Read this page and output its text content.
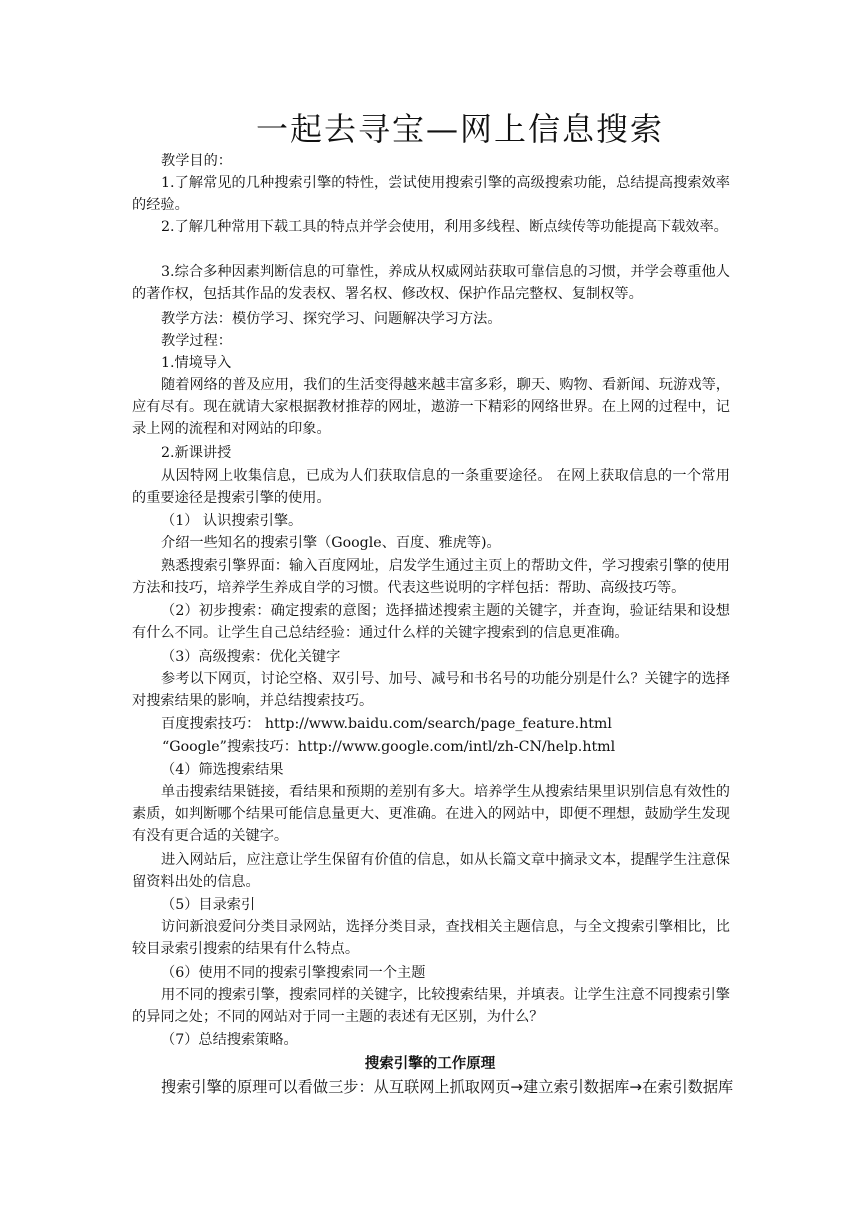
一起去寻宝—网上信息搜索
教学目的：
1.了解常见的几种搜索引擎的特性，尝试使用搜索引擎的高级搜索功能，总结提高搜索效率的经验。
2.了解几种常用下载工具的特点并学会使用，利用多线程、断点续传等功能提高下载效率。
3.综合多种因素判断信息的可靠性，养成从权威网站获取可靠信息的习惯，并学会尊重他人的著作权，包括其作品的发表权、署名权、修改权、保护作品完整权、复制权等。
教学方法：模仿学习、探究学习、问题解决学习方法。
教学过程：
1.情境导入
随着网络的普及应用，我们的生活变得越来越丰富多彩，聊天、购物、看新闻、玩游戏等，应有尽有。现在就请大家根据教材推荐的网址，遨游一下精彩的网络世界。在上网的过程中，记录上网的流程和对网站的印象。
2.新课讲授
从因特网上收集信息，已成为人们获取信息的一条重要途径。 在网上获取信息的一个常用的重要途径是搜索引擎的使用。
（1） 认识搜索引擎。
介绍一些知名的搜索引擎（Google、百度、雅虎等)。
熟悉搜索引擎界面：输入百度网址，启发学生通过主页上的帮助文件，学习搜索引擎的使用方法和技巧，培养学生养成自学的习惯。代表这些说明的字样包括：帮助、高级技巧等。
（2）初步搜索：确定搜索的意图；选择描述搜索主题的关键字，并查询，验证结果和设想有什么不同。让学生自己总结经验：通过什么样的关键字搜索到的信息更准确。
（3）高级搜索：优化关键字
参考以下网页，讨论空格、双引号、加号、减号和书名号的功能分别是什么？关键字的选择对搜索结果的影响，并总结搜索技巧。
百度搜索技巧： http://www.baidu.com/search/page_feature.html
“Google”搜索技巧：http://www.google.com/intl/zh-CN/help.html
（4）筛选搜索结果
单击搜索结果链接，看结果和预期的差别有多大。培养学生从搜索结果里识别信息有效性的素质，如判断哪个结果可能信息量更大、更准确。在进入的网站中，即便不理想，鼓励学生发现有没有更合适的关键字。
进入网站后，应注意让学生保留有价值的信息，如从长篇文章中摘录文本，提醒学生注意保留资料出处的信息。
（5）目录索引
访问新浪爱问分类目录网站，选择分类目录，查找相关主题信息，与全文搜索引擎相比，比较目录索引搜索的结果有什么特点。
（6）使用不同的搜索引擎搜索同一个主题
用不同的搜索引擎，搜索同样的关键字，比较搜索结果，并填表。让学生注意不同搜索引擎的异同之处；不同的网站对于同一主题的表述有无区别，为什么？
（7）总结搜索策略。
搜索引擎的工作原理
搜索引擎的原理可以看做三步：从互联网上抓取网页→建立索引数据库→在索引数据库
